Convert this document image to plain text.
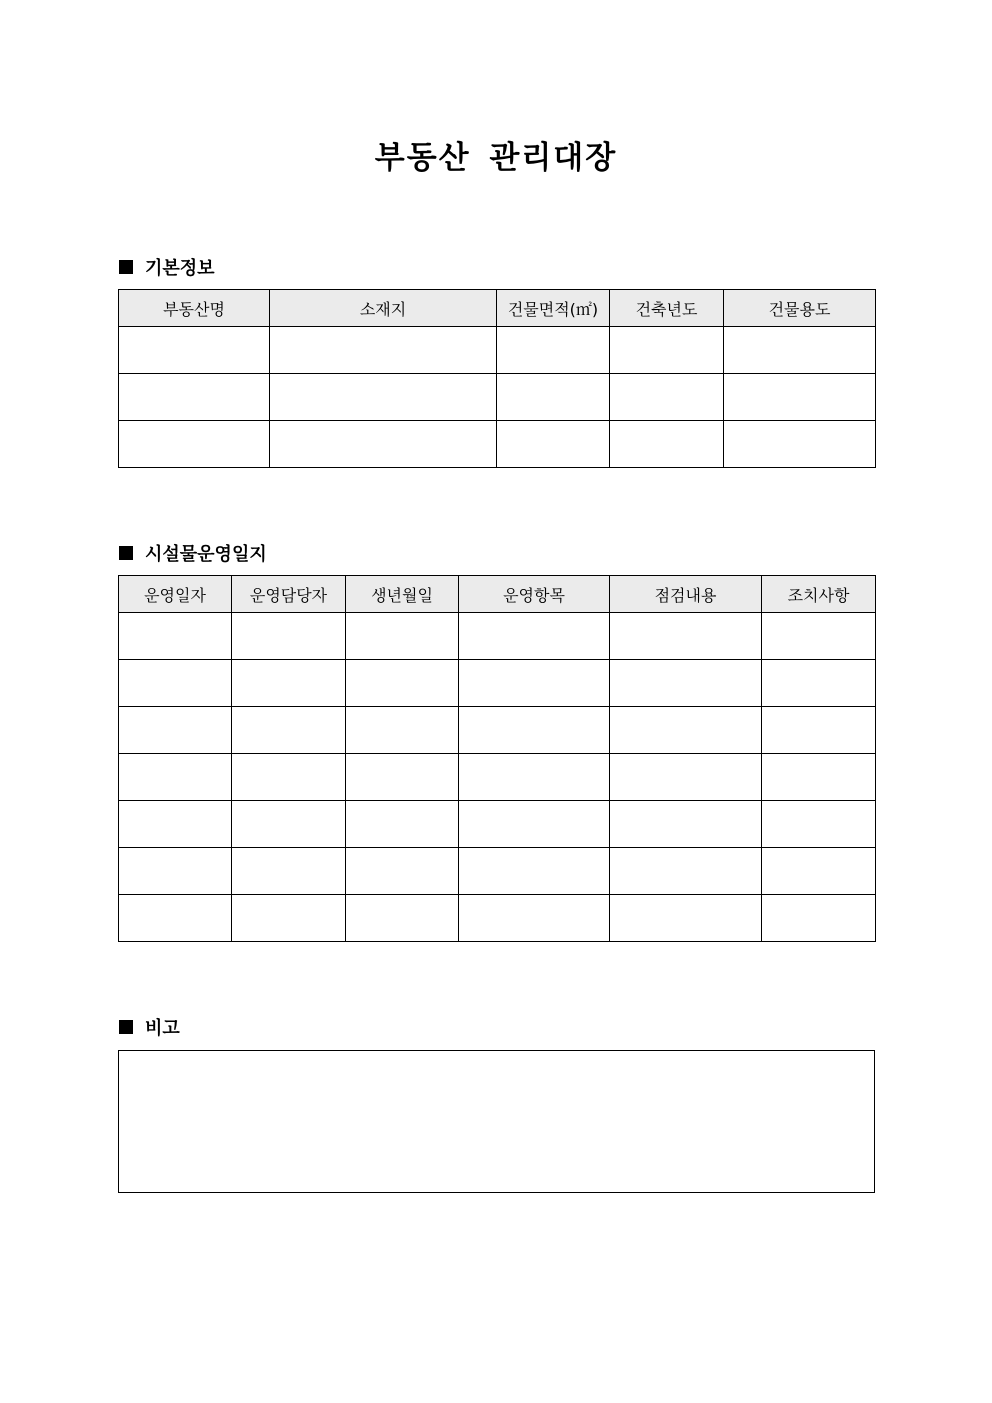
부동산 관리대장
기본정보
부동산명	소재지	건물면적(㎡)	건축년도	건물용도

시설물운영일지
운영일자	운영담당자	생년월일	운영항목	점검내용	조치사항

비고
